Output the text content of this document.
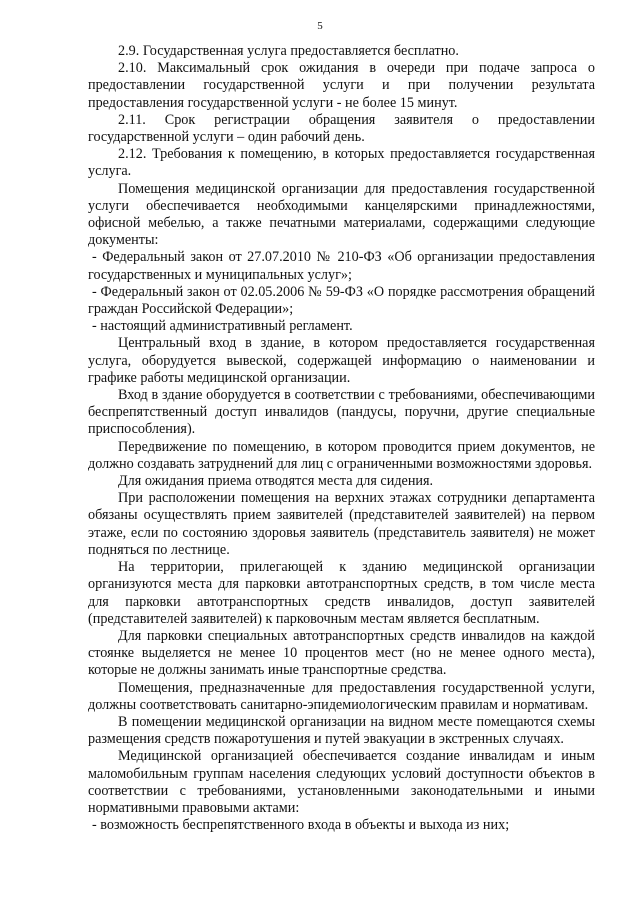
5

2.9. Государственная услуга предоставляется бесплатно.

2.10. Максимальный срок ожидания в очереди при подаче запроса о предоставлении государственной услуги и при получении результата предоставления государственной услуги - не более 15 минут.

2.11. Срок регистрации обращения заявителя о предоставлении государственной услуги – один рабочий день.

2.12. Требования к помещению, в которых предоставляется государственная услуга.

Помещения медицинской организации для предоставления государственной услуги обеспечивается необходимыми канцелярскими принадлежностями, офисной мебелью, а также печатными материалами, содержащими следующие документы:

- Федеральный закон от 27.07.2010 № 210-ФЗ «Об организации предоставления государственных и муниципальных услуг»;

- Федеральный закон от 02.05.2006 № 59-ФЗ «О порядке рассмотрения обращений граждан Российской Федерации»;

- настоящий административный регламент.

Центральный вход в здание, в котором предоставляется государственная услуга, оборудуется вывеской, содержащей информацию о наименовании и графике работы медицинской организации.

Вход в здание оборудуется в соответствии с требованиями, обеспечивающими беспрепятственный доступ инвалидов (пандусы, поручни, другие специальные приспособления).

Передвижение по помещению, в котором проводится прием документов, не должно создавать затруднений для лиц с ограниченными возможностями здоровья.

Для ожидания приема отводятся места для сидения.

При расположении помещения на верхних этажах сотрудники департамента обязаны осуществлять прием заявителей (представителей заявителей) на первом этаже, если по состоянию здоровья заявитель (представитель заявителя) не может подняться по лестнице.

На территории, прилегающей к зданию медицинской организации организуются места для парковки автотранспортных средств, в том числе места для парковки автотранспортных средств инвалидов, доступ заявителей (представителей заявителей) к парковочным местам является бесплатным.

Для парковки специальных автотранспортных средств инвалидов на каждой стоянке выделяется не менее 10 процентов мест (но не менее одного места), которые не должны занимать иные транспортные средства.

Помещения, предназначенные для предоставления государственной услуги, должны соответствовать санитарно-эпидемиологическим правилам и нормативам.

В помещении медицинской организации на видном месте помещаются схемы размещения средств пожаротушения и путей эвакуации в экстренных случаях.

Медицинской организацией обеспечивается создание инвалидам и иным маломобильным группам населения следующих условий доступности объектов в соответствии с требованиями, установленными законодательными и иными нормативными правовыми актами:

- возможность беспрепятственного входа в объекты и выхода из них;
